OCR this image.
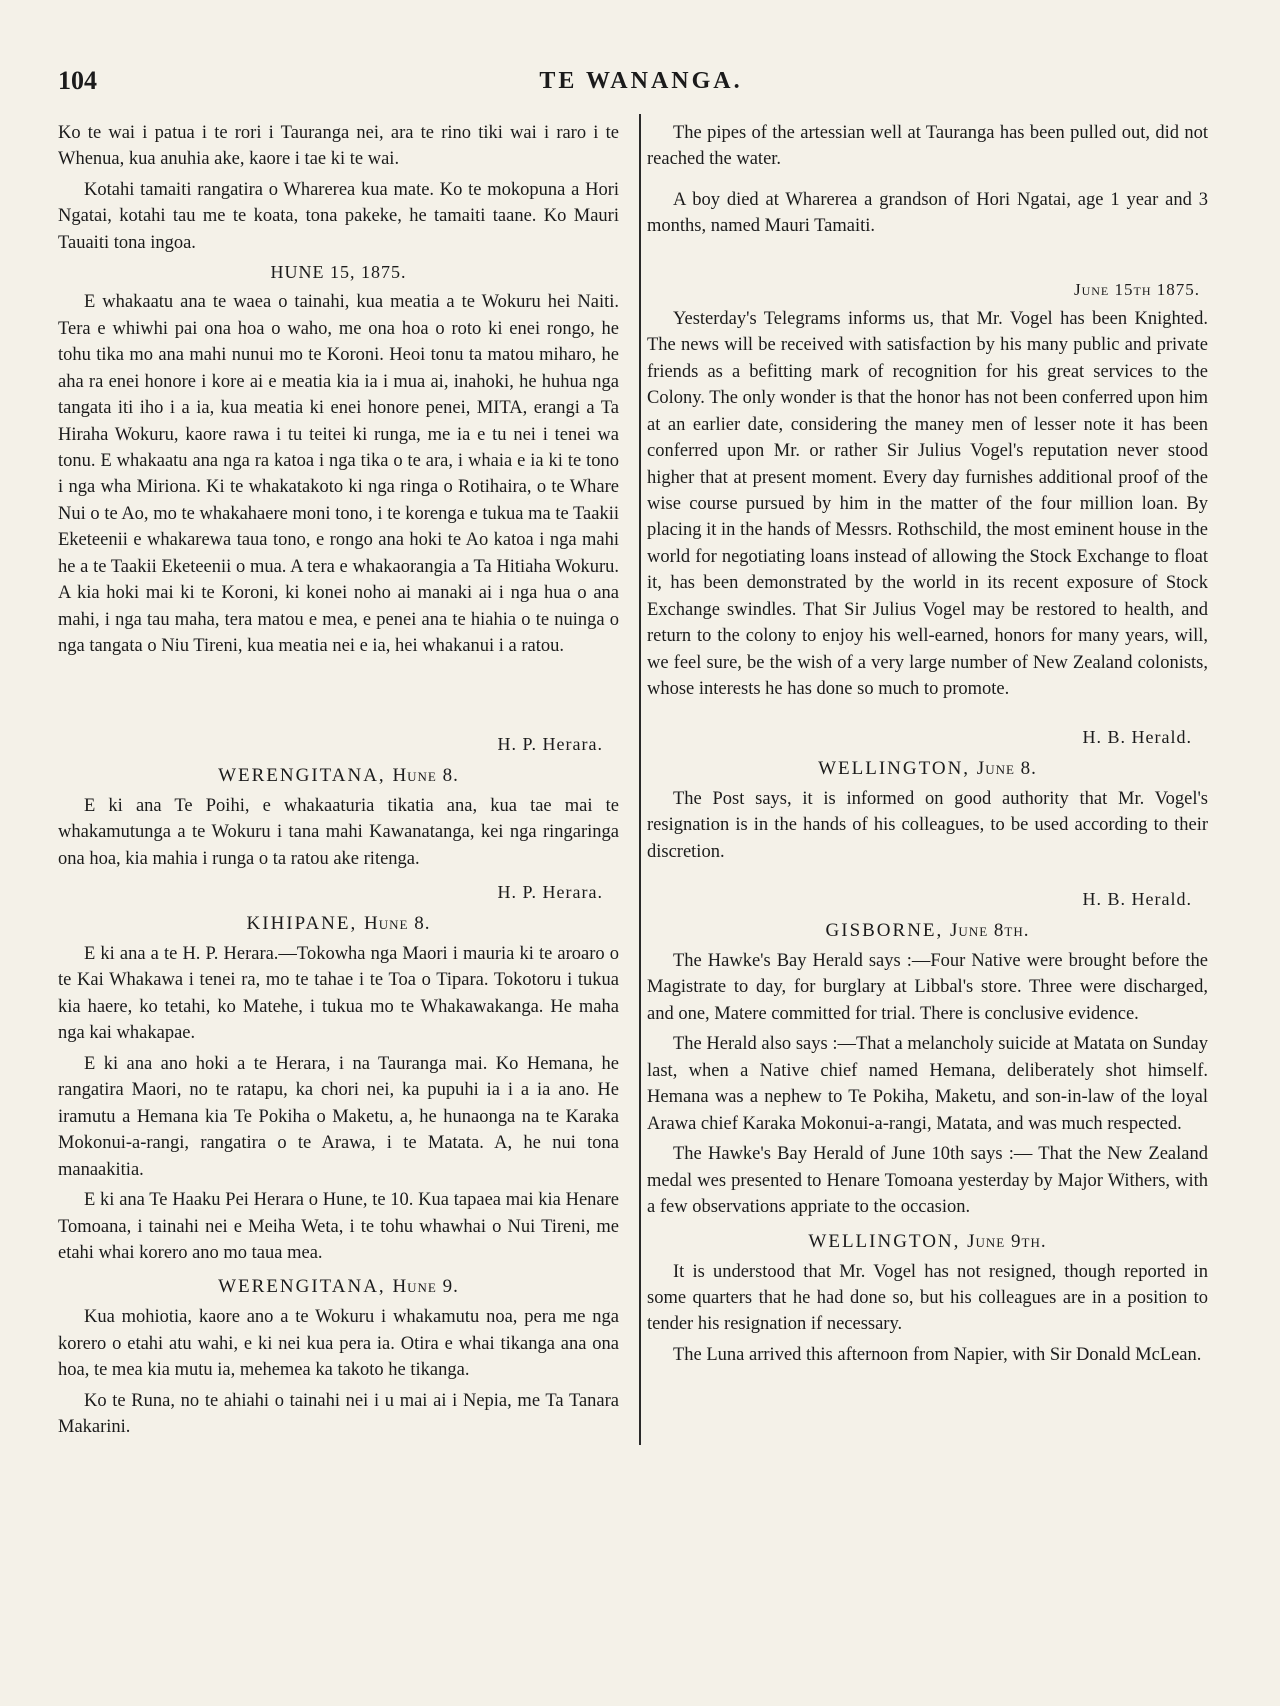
104	TE WANANGA.

Ko te wai i patua i te rori i Tauranga nei, ara te rino tiki wai i raro i te Whenua, kua anuhia ake, kaore i tae ki te wai.

Kotahi tamaiti rangatira o Wharerea kua mate. Ko te mokopuna a Hori Ngatai, kotahi tau me te koata, tona pakeke, he tamaiti taane. Ko Mauri Tauaiti tona ingoa.

HUNE 15, 1875.

E whakaatu ana te waea o tainahi, kua meatia a te Wokuru hei Naiti. Tera e whiwhi pai ona hoa o waho, me ona hoa o roto ki enei rongo, he tohu tika mo ana mahi nunui mo te Koroni. Heoi tonu ta matou miharo, he aha ra enei honore i kore ai e meatia kia ia i mua ai, inahoki, he huhua nga tangata iti iho i a ia, kua meatia ki enei honore penei, MITA, erangi a Ta Hiraha Wokuru, kaore rawa i tu teitei ki runga, me ia e tu nei i tenei wa tonu. E whakaatu ana nga ra katoa i nga tika o te ara, i whaia e ia ki te tono i nga wha Miriona. Ki te whakatakoto ki nga ringa o Rotihaira, o te Whare Nui o te Ao, mo te whakahaere moni tono, i te korenga e tukua ma te Taakii Eketeenii e whakarewa taua tono, e rongo ana hoki te Ao katoa i nga mahi he a te Taakii Eketeenii o mua. A tera e whakaorangia a Ta Hitiaha Wokuru. A kia hoki mai ki te Koroni, ki konei noho ai manaki ai i nga hua o ana mahi, i nga tau maha, tera matou e mea, e penei ana te hiahia o te nuinga o nga tangata o Niu Tireni, kua meatia nei e ia, hei whakanui i a ratou.

H. P. Herara.
WERENGITANA, Hune 8.

E ki ana Te Poihi, e whakaaturia tikatia ana, kua tae mai te whakamutunga a te Wokuru i tana mahi Kawanatanga, kei nga ringaringa ona hoa, kia mahia i runga o ta ratou ake ritenga.

H. P. Herara.
KIHIPANE, Hune 8.

E ki ana a te H. P. Herara.—Tokowha nga Maori i mauria ki te aroaro o te Kai Whakawa i tenei ra, mo te tahae i te Toa o Tipara. Tokotoru i tukua kia haere, ko tetahi, ko Matehe, i tukua mo te Whakawakanga. He maha nga kai whakapae.

E ki ana ano hoki a te Herara, i na Tauranga mai. Ko Hemana, he rangatira Maori, no te ratapu, ka chori nei, ka pupuhi ia i a ia ano. He iramutu a Hemana kia Te Pokiha o Maketu, a, he hunaonga na te Karaka Mokonui-a-rangi, rangatira o te Arawa, i te Matata. A, he nui tona manaakitia.

E ki ana Te Haaku Pei Herara o Hune, te 10. Kua tapaea mai kia Henare Tomoana, i tainahi nei e Meiha Weta, i te tohu whawhai o Nui Tireni, me etahi whai korero ano mo taua mea.

WERENGITANA, Hune 9.

Kua mohiotia, kaore ano a te Wokuru i whakamutu noa, pera me nga korero o etahi atu wahi, e ki nei kua pera ia. Otira e whai tikanga ana ona hoa, te mea kia mutu ia, mehemea ka takoto he tikanga.

Ko te Runa, no te ahiahi o tainahi nei i u mai ai i Nepia, me Ta Tanara Makarini.

The pipes of the artessian well at Tauranga has been pulled out, did not reached the water.

A boy died at Wharerea a grandson of Hori Ngatai, age 1 year and 3 months, named Mauri Tamaiti.

June 15th 1875.

Yesterday's Telegrams informs us, that Mr. Vogel has been Knighted. The news will be received with satisfaction by his many public and private friends as a befitting mark of recognition for his great services to the Colony. The only wonder is that the honor has not been conferred upon him at an earlier date, considering the maney men of lesser note it has been conferred upon Mr. or rather Sir Julius Vogel's reputation never stood higher that at present moment. Every day furnishes additional proof of the wise course pursued by him in the matter of the four million loan. By placing it in the hands of Messrs. Rothschild, the most eminent house in the world for negotiating loans instead of allowing the Stock Exchange to float it, has been demonstrated by the world in its recent exposure of Stock Exchange swindles. That Sir Julius Vogel may be restored to health, and return to the colony to enjoy his well-earned, honors for many years, will, we feel sure, be the wish of a very large number of New Zealand colonists, whose interests he has done so much to promote.

H. B. Herald.
WELLINGTON, June 8.

The Post says, it is informed on good authority that Mr. Vogel's resignation is in the hands of his colleagues, to be used according to their discretion.

H. B. Herald.
GISBORNE, June 8th.

The Hawke's Bay Herald says :—Four Native were brought before the Magistrate to day, for burglary at Libbal's store. Three were discharged, and one, Matere committed for trial. There is conclusive evidence.

The Herald also says :—That a melancholy suicide at Matata on Sunday last, when a Native chief named Hemana, deliberately shot himself. Hemana was a nephew to Te Pokiha, Maketu, and son-in-law of the loyal Arawa chief Karaka Mokonui-a-rangi, Matata, and was much respected.

The Hawke's Bay Herald of June 10th says :— That the New Zealand medal wes presented to Henare Tomoana yesterday by Major Withers, with a few observations appriate to the occasion.

WELLINGTON, June 9th.

It is understood that Mr. Vogel has not resigned, though reported in some quarters that he had done so, but his colleagues are in a position to tender his resignation if necessary.

The Luna arrived this afternoon from Napier, with Sir Donald McLean.
